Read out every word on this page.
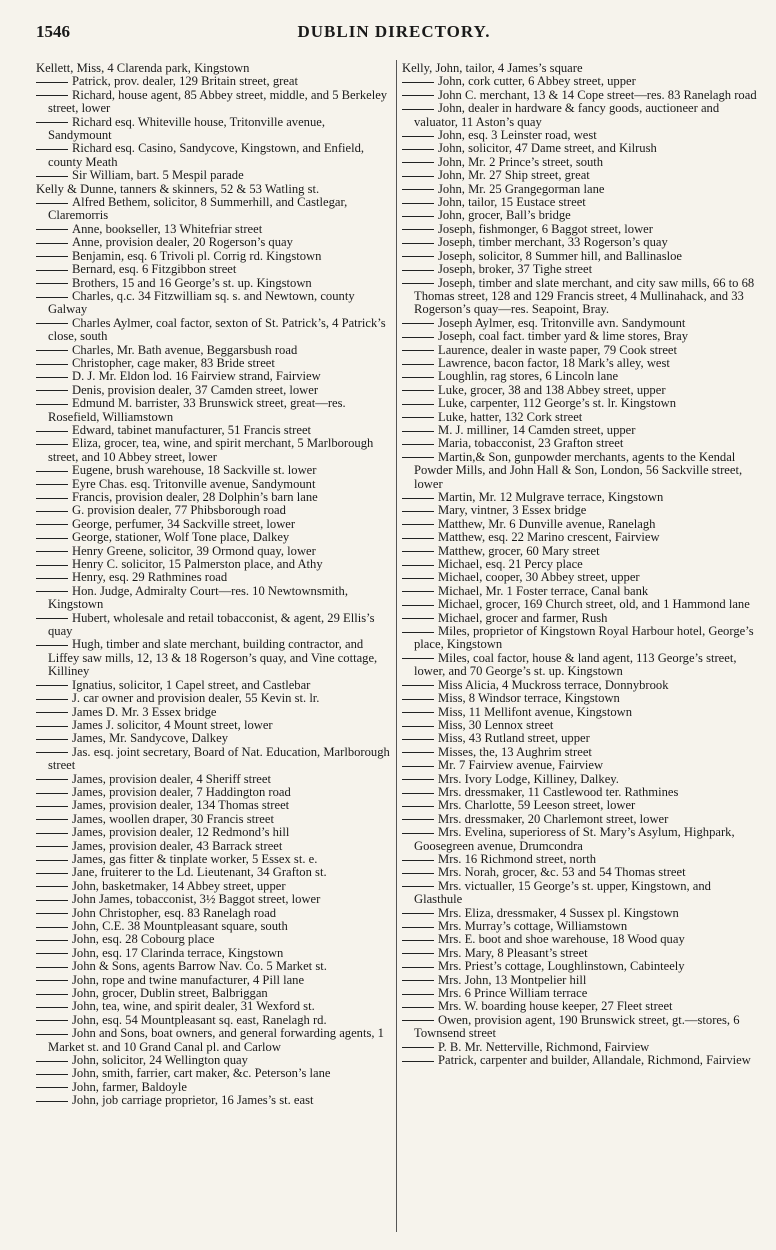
1546	DUBLIN DIRECTORY.
Kellett, Miss, 4 Clarenda park, Kingstown
Patrick, prov. dealer, 129 Britain street, great
Richard, house agent, 85 Abbey street, middle, and 5 Berkeley street, lower
Richard esq. Whiteville house, Tritonville avenue, Sandymount
Richard esq. Casino, Sandycove, Kingstown, and Enfield, county Meath
Sir William, bart. 5 Mespil parade
Kelly & Dunne, tanners & skinners, 52 & 53 Watling st.
Alfred Bethem, solicitor, 8 Summerhill, and Castlegar, Claremorris
Anne, bookseller, 13 Whitefriar street
Anne, provision dealer, 20 Rogerson’s quay
Benjamin, esq. 6 Trivoli pl. Corrig rd. Kingstown
Bernard, esq. 6 Fitzgibbon street
Brothers, 15 and 16 George’s st. up. Kingstown
Charles, q.c. 34 Fitzwilliam sq. s. and Newtown, county Galway
Charles Aylmer, coal factor, sexton of St. Patrick’s, 4 Patrick’s close, south
Charles, Mr. Bath avenue, Beggarsbush road
Christopher, cage maker, 83 Bride street
D. J. Mr. Eldon lod. 16 Fairview strand, Fairview
Denis, provision dealer, 37 Camden street, lower
Edmund M. barrister, 33 Brunswick street, great—res. Rosefield, Williamstown
Edward, tabinet manufacturer, 51 Francis street
Eliza, grocer, tea, wine, and spirit merchant, 5 Marlborough street, and 10 Abbey street, lower
Eugene, brush warehouse, 18 Sackville st. lower
Eyre Chas. esq. Tritonville avenue, Sandymount
Francis, provision dealer, 28 Dolphin’s barn lane
G. provision dealer, 77 Phibsborough road
George, perfumer, 34 Sackville street, lower
George, stationer, Wolf Tone place, Dalkey
Henry Greene, solicitor, 39 Ormond quay, lower
Henry C. solicitor, 15 Palmerston place, and Athy
Henry, esq. 29 Rathmines road
Hon. Judge, Admiralty Court—res. 10 Newtownsmith, Kingstown
Hubert, wholesale and retail tobacconist, & agent, 29 Ellis’s quay
Hugh, timber and slate merchant, building contractor, and Liffey saw mills, 12, 13 & 18 Rogerson’s quay, and Vine cottage, Killiney
Ignatius, solicitor, 1 Capel street, and Castlebar
J. car owner and provision dealer, 55 Kevin st. lr.
James D. Mr. 3 Essex bridge
James J. solicitor, 4 Mount street, lower
James, Mr. Sandycove, Dalkey
Jas. esq. joint secretary, Board of Nat. Education, Marlborough street
James, provision dealer, 4 Sheriff street
James, provision dealer, 7 Haddington road
James, provision dealer, 134 Thomas street
James, woollen draper, 30 Francis street
James, provision dealer, 12 Redmond’s hill
James, provision dealer, 43 Barrack street
James, gas fitter & tinplate worker, 5 Essex st. e.
Jane, fruiterer to the Ld. Lieutenant, 34 Grafton st.
John, basketmaker, 14 Abbey street, upper
John James, tobacconist, 3½ Baggot street, lower
John Christopher, esq. 83 Ranelagh road
John, C.E. 38 Mountpleasant square, south
John, esq. 28 Cobourg place
John, esq. 17 Clarinda terrace, Kingstown
John & Sons, agents Barrow Nav. Co. 5 Market st.
John, rope and twine manufacturer, 4 Pill lane
John, grocer, Dublin street, Balbriggan
John, tea, wine, and spirit dealer, 31 Wexford st.
John, esq. 54 Mountpleasant sq. east, Ranelagh rd.
John and Sons, boat owners, and general forwarding agents, 1 Market st. and 10 Grand Canal pl. and Carlow
John, solicitor, 24 Wellington quay
John, smith, farrier, cart maker, &c. Peterson’s lane
John, farmer, Baldoyle
John, job carriage proprietor, 16 James’s st. east
Kelly, John, tailor, 4 James’s square
John, cork cutter, 6 Abbey street, upper
John C. merchant, 13 & 14 Cope street—res. 83 Ranelagh road
John, dealer in hardware & fancy goods, auctioneer and valuator, 11 Aston’s quay
John, esq. 3 Leinster road, west
John, solicitor, 47 Dame street, and Kilrush
John, Mr. 2 Prince’s street, south
John, Mr. 27 Ship street, great
John, Mr. 25 Grangegorman lane
John, tailor, 15 Eustace street
John, grocer, Ball’s bridge
Joseph, fishmonger, 6 Baggot street, lower
Joseph, timber merchant, 33 Rogerson’s quay
Joseph, solicitor, 8 Summer hill, and Ballinasloe
Joseph, broker, 37 Tighe street
Joseph, timber and slate merchant, and city saw mills, 66 to 68 Thomas street, 128 and 129 Francis street, 4 Mullinahack, and 33 Rogerson’s quay—res. Seapoint, Bray.
Joseph Aylmer, esq. Tritonville avn. Sandymount
Joseph, coal fact. timber yard & lime stores, Bray
Laurence, dealer in waste paper, 79 Cook street
Lawrence, bacon factor, 18 Mark’s alley, west
Loughlin, rag stores, 6 Lincoln lane
Luke, grocer, 38 and 138 Abbey street, upper
Luke, carpenter, 112 George’s st. lr. Kingstown
Luke, hatter, 132 Cork street
M. J. milliner, 14 Camden street, upper
Maria, tobacconist, 23 Grafton street
Martin,& Son, gunpowder merchants, agents to the Kendal Powder Mills, and John Hall & Son, London, 56 Sackville street, lower
Martin, Mr. 12 Mulgrave terrace, Kingstown
Mary, vintner, 3 Essex bridge
Matthew, Mr. 6 Dunville avenue, Ranelagh
Matthew, esq. 22 Marino crescent, Fairview
Matthew, grocer, 60 Mary street
Michael, esq. 21 Percy place
Michael, cooper, 30 Abbey street, upper
Michael, Mr. 1 Foster terrace, Canal bank
Michael, grocer, 169 Church street, old, and 1 Hammond lane
Michael, grocer and farmer, Rush
Miles, proprietor of Kingstown Royal Harbour hotel, George’s place, Kingstown
Miles, coal factor, house & land agent, 113 George’s street, lower, and 70 George’s st. up. Kingstown
Miss Alicia, 4 Muckross terrace, Donnybrook
Miss, 8 Windsor terrace, Kingstown
Miss, 11 Mellifont avenue, Kingstown
Miss, 30 Lennox street
Miss, 43 Rutland street, upper
Misses, the, 13 Aughrim street
Mr. 7 Fairview avenue, Fairview
Mrs. Ivory Lodge, Killiney, Dalkey.
Mrs. dressmaker, 11 Castlewood ter. Rathmines
Mrs. Charlotte, 59 Leeson street, lower
Mrs. dressmaker, 20 Charlemont street, lower
Mrs. Evelina, superioress of St. Mary’s Asylum, Highpark, Goosegreen avenue, Drumcondra
Mrs. 16 Richmond street, north
Mrs. Norah, grocer, &c. 53 and 54 Thomas street
Mrs. victualler, 15 George’s st. upper, Kingstown, and Glasthule
Mrs. Eliza, dressmaker, 4 Sussex pl. Kingstown
Mrs. Murray’s cottage, Williamstown
Mrs. E. boot and shoe warehouse, 18 Wood quay
Mrs. Mary, 8 Pleasant’s street
Mrs. Priest’s cottage, Loughlinstown, Cabinteely
Mrs. John, 13 Montpelier hill
Mrs. 6 Prince William terrace
Mrs. W. boarding house keeper, 27 Fleet street
Owen, provision agent, 190 Brunswick street, gt.—stores, 6 Townsend street
P. B. Mr. Netterville, Richmond, Fairview
Patrick, carpenter and builder, Allandale, Richmond, Fairview
